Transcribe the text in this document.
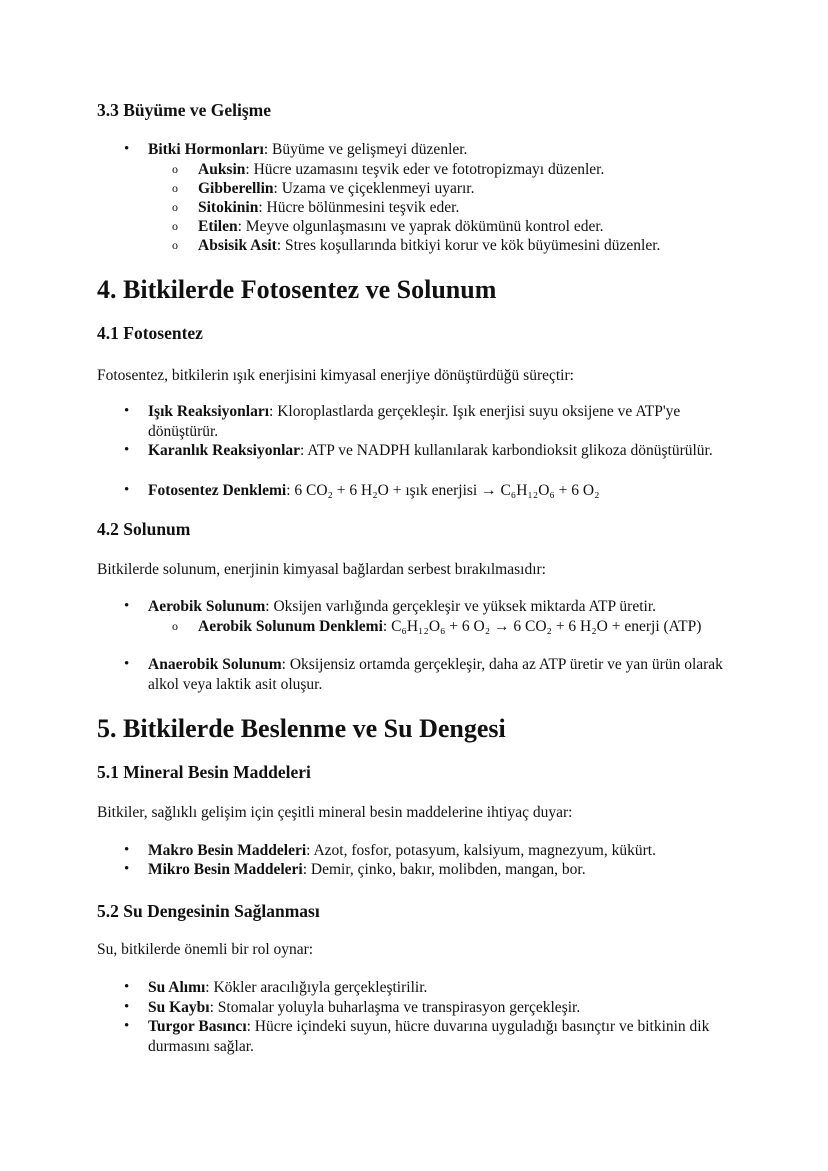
3.3 Büyüme ve Gelişme
• Bitki Hormonları: Büyüme ve gelişmeyi düzenler.
o Auksin: Hücre uzamasını teşvik eder ve fototropizmayı düzenler.
o Gibberellin: Uzama ve çiçeklenmeyi uyarır.
o Sitokinin: Hücre bölünmesini teşvik eder.
o Etilen: Meyve olgunlaşmasını ve yaprak dökümünü kontrol eder.
o Absisik Asit: Stres koşullarında bitkiyi korur ve kök büyümesini düzenler.
4. Bitkilerde Fotosentez ve Solunum
4.1 Fotosentez
Fotosentez, bitkilerin ışık enerjisini kimyasal enerjiye dönüştürdüğü süreçtir:
• Işık Reaksiyonları: Kloroplastlarda gerçekleşir. Işık enerjisi suyu oksijene ve ATP'ye dönüştürür.
• Karanlık Reaksiyonlar: ATP ve NADPH kullanılarak karbondioksit glikoza dönüştürülür.
• Fotosentez Denklemi: 6 CO₂ + 6 H₂O + ışık enerjisi → C₆H₁₂O₆ + 6 O₂
4.2 Solunum
Bitkilerde solunum, enerjinin kimyasal bağlardan serbest bırakılmasıdır:
• Aerobik Solunum: Oksijen varlığında gerçekleşir ve yüksek miktarda ATP üretir.
o Aerobik Solunum Denklemi: C₆H₁₂O₆ + 6 O₂ → 6 CO₂ + 6 H₂O + enerji (ATP)
• Anaerobik Solunum: Oksijensiz ortamda gerçekleşir, daha az ATP üretir ve yan ürün olarak alkol veya laktik asit oluşur.
5. Bitkilerde Beslenme ve Su Dengesi
5.1 Mineral Besin Maddeleri
Bitkiler, sağlıklı gelişim için çeşitli mineral besin maddelerine ihtiyaç duyar:
• Makro Besin Maddeleri: Azot, fosfor, potasyum, kalsiyum, magnezyum, kükürt.
• Mikro Besin Maddeleri: Demir, çinko, bakır, molibden, mangan, bor.
5.2 Su Dengesinin Sağlanması
Su, bitkilerde önemli bir rol oynar:
• Su Alımı: Kökler aracılığıyla gerçekleştirilir.
• Su Kaybı: Stomalar yoluyla buharlaşma ve transpirasyon gerçekleşir.
• Turgor Basıncı: Hücre içindeki suyun, hücre duvarına uyguladığı basınçtır ve bitkinin dik durmasını sağlar.
